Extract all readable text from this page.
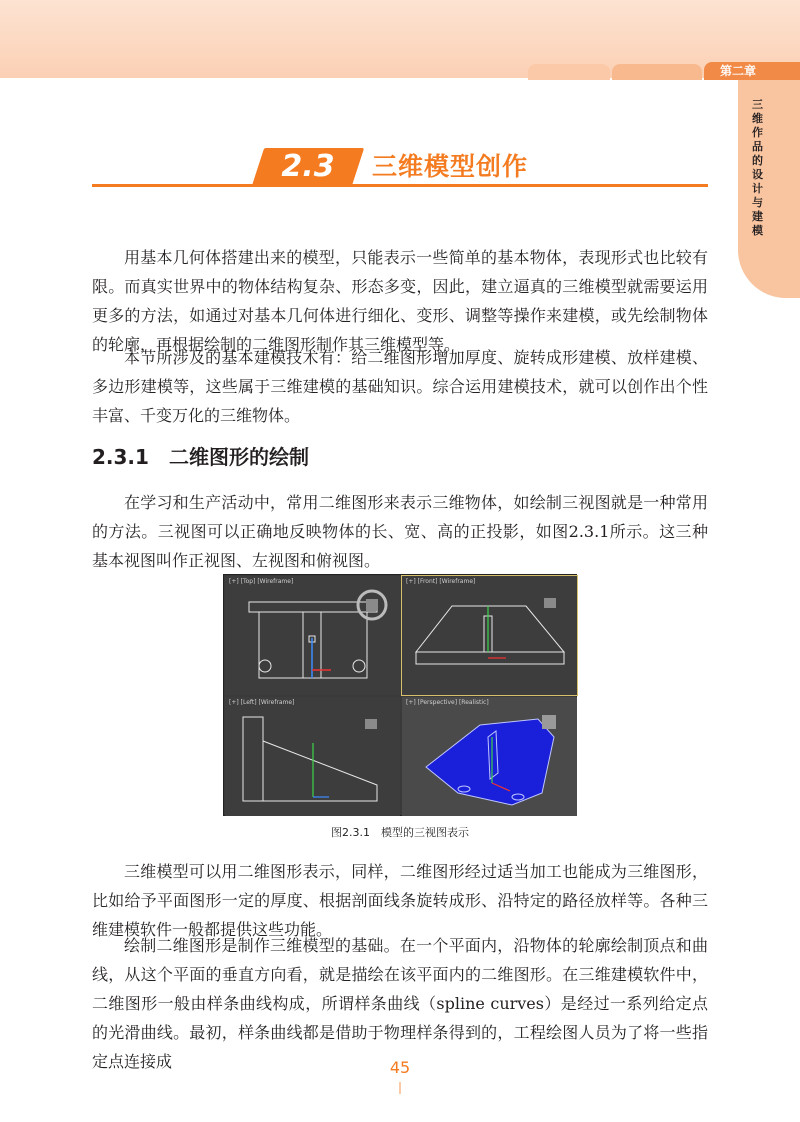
第二章
三维作品的设计与建模
2.3	三维模型创作

用基本几何体搭建出来的模型，只能表示一些简单的基本物体，表现形式也比较有限。而真实世界中的物体结构复杂、形态多变，因此，建立逼真的三维模型就需要运用更多的方法，如通过对基本几何体进行细化、变形、调整等操作来建模，或先绘制物体的轮廓，再根据绘制的二维图形制作其三维模型等。

本节所涉及的基本建模技术有：给二维图形增加厚度、旋转成形建模、放样建模、多边形建模等，这些属于三维建模的基础知识。综合运用建模技术，就可以创作出个性丰富、千变万化的三维物体。

2.3.1　二维图形的绘制

在学习和生产活动中，常用二维图形来表示三维物体，如绘制三视图就是一种常用的方法。三视图可以正确地反映物体的长、宽、高的正投影，如图2.3.1所示。这三种基本视图叫作正视图、左视图和俯视图。

[+] [Top] [Wireframe]	[+] [Front] [Wireframe]
[+] [Left] [Wireframe]	[+] [Perspective] [Realistic]
图2.3.1　模型的三视图表示

三维模型可以用二维图形表示，同样，二维图形经过适当加工也能成为三维图形，比如给予平面图形一定的厚度、根据剖面线条旋转成形、沿特定的路径放样等。各种三维建模软件一般都提供这些功能。

绘制二维图形是制作三维模型的基础。在一个平面内，沿物体的轮廓绘制顶点和曲线，从这个平面的垂直方向看，就是描绘在该平面内的二维图形。在三维建模软件中，二维图形一般由样条曲线构成，所谓样条曲线（spline curves）是经过一系列给定点的光滑曲线。最初，样条曲线都是借助于物理样条得到的，工程绘图人员为了将一些指定点连接成	45
